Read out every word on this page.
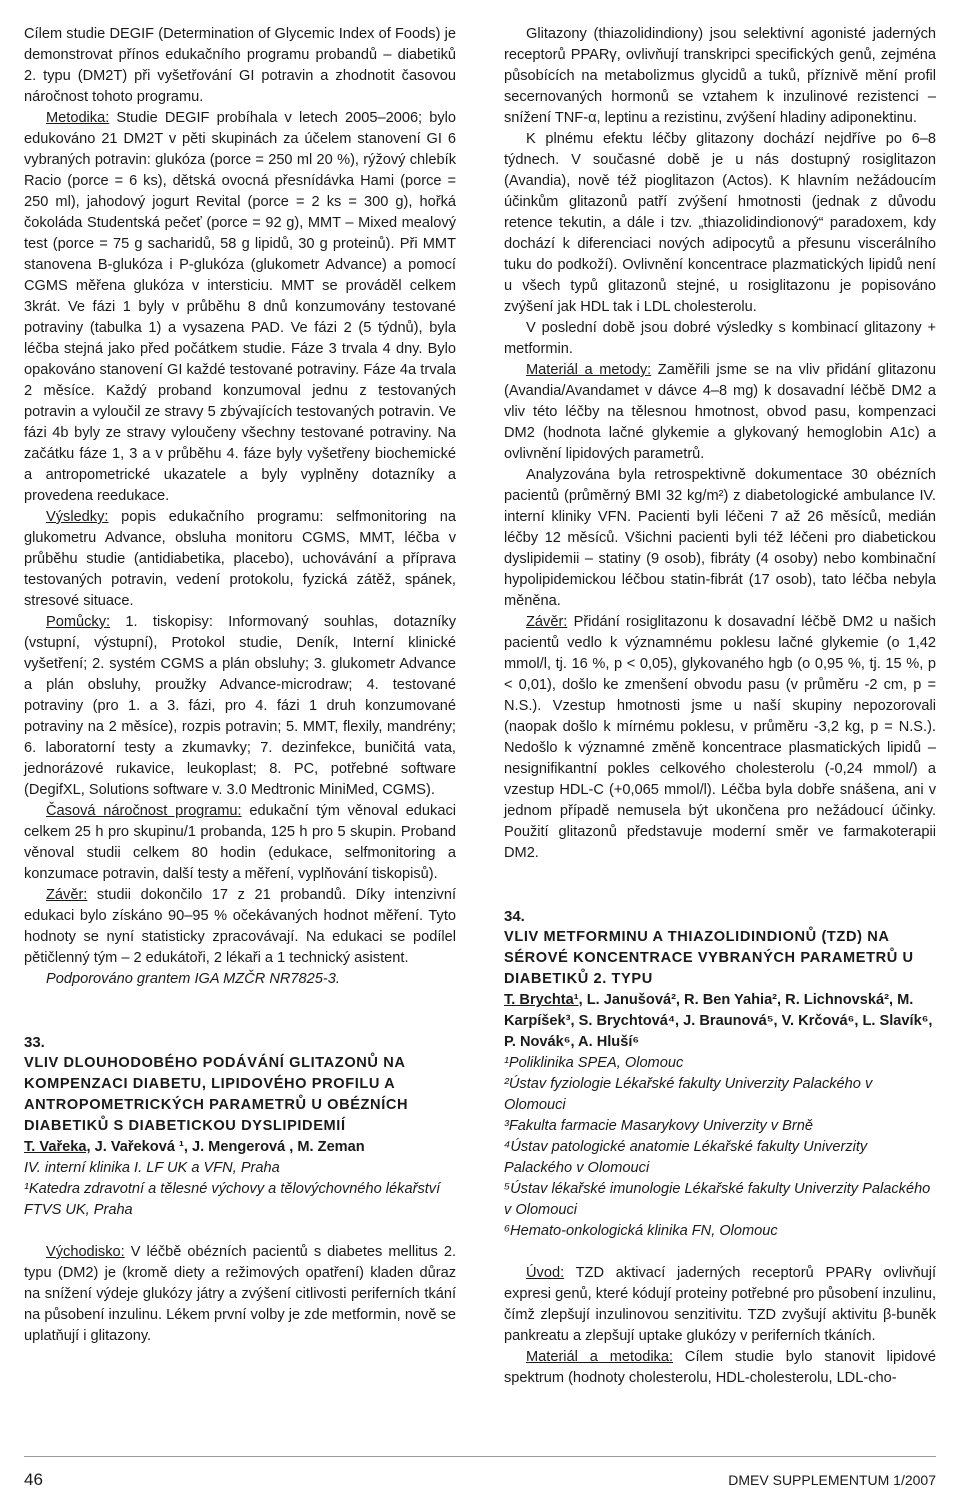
Cílem studie DEGIF (Determination of Glycemic Index of Foods) je demonstrovat přínos edukačního programu probandů – diabetiků 2. typu (DM2T) při vyšetřování GI potravin a zhodnotit časovou náročnost tohoto programu.

Metodika: Studie DEGIF probíhala v letech 2005–2006; bylo edukováno 21 DM2T v pěti skupinách za účelem stanovení GI 6 vybraných potravin: glukóza (porce = 250 ml 20 %), rýžový chlebík Racio (porce = 6 ks), dětská ovocná přesnídávka Hami (porce = 250 ml), jahodový jogurt Revital (porce = 2 ks = 300 g), hořká čokoláda Studentská pečeť (porce = 92 g), MMT – Mixed mealový test (porce = 75 g sacharidů, 58 g lipidů, 30 g proteinů). Při MMT stanovena B-glukóza i P-glukóza (glukometr Advance) a pomocí CGMS měřena glukóza v intersticiu. MMT se prováděl celkem 3krát. Ve fázi 1 byly v průběhu 8 dnů konzumovány testované potraviny (tabulka 1) a vysazena PAD. Ve fázi 2 (5 týdnů), byla léčba stejná jako před počátkem studie. Fáze 3 trvala 4 dny. Bylo opakováno stanovení GI každé testované potraviny. Fáze 4a trvala 2 měsíce. Každý proband konzumoval jednu z testovaných potravin a vyloučil ze stravy 5 zbývajících testovaných potravin. Ve fázi 4b byly ze stravy vyloučeny všechny testované potraviny. Na začátku fáze 1, 3 a v průběhu 4. fáze byly vyšetřeny biochemické a antropometrické ukazatele a byly vyplněny dotazníky a provedena reedukace.

Výsledky: popis edukačního programu: selfmonitoring na glukometru Advance, obsluha monitoru CGMS, MMT, léčba v průběhu studie (antidiabetika, placebo), uchovávání a příprava testovaných potravin, vedení protokolu, fyzická zátěž, spánek, stresové situace.

Pomůcky: 1. tiskopisy: Informovaný souhlas, dotazníky (vstupní, výstupní), Protokol studie, Deník, Interní klinické vyšetření; 2. systém CGMS a plán obsluhy; 3. glukometr Advance a plán obsluhy, proužky Advance-microdraw; 4. testované potraviny (pro 1. a 3. fázi, pro 4. fázi 1 druh konzumované potraviny na 2 měsíce), rozpis potravin; 5. MMT, flexily, mandrény; 6. laboratorní testy a zkumavky; 7. dezinfekce, buničitá vata, jednorázové rukavice, leukoplast; 8. PC, potřebné software (DegifXL, Solutions software v. 3.0 Medtronic MiniMed, CGMS).

Časová náročnost programu: edukační tým věnoval edukaci celkem 25 h pro skupinu/1 probanda, 125 h pro 5 skupin. Proband věnoval studii celkem 80 hodin (edukace, selfmonitoring a konzumace potravin, další testy a měření, vyplňování tiskopisů).

Závěr: studii dokončilo 17 z 21 probandů. Díky intenzivní edukaci bylo získáno 90–95 % očekávaných hodnot měření. Tyto hodnoty se nyní statisticky zpracovávají. Na edukaci se podílel pětičlenný tým – 2 edukátoři, 2 lékaři a 1 technický asistent.

Podporováno grantem IGA MZČR NR7825-3.

33.

VLIV DLOUHODOBÉHO PODÁVÁNÍ GLITAZONŮ NA KOMPENZACI DIABETU, LIPIDOVÉHO PROFILU A ANTROPOMETRICKÝCH PARAMETRŮ U OBÉZNÍCH DIABETIKŮ S DIABETICKOU DYSLIPIDEMIÍ

T. Vařeka, J. Vařeková ¹, J. Mengerová , M. Zeman

IV. interní klinika I. LF UK a VFN, Praha

¹Katedra zdravotní a tělesné výchovy a tělovýchovného lékařství FTVS UK, Praha

Východisko: V léčbě obézních pacientů s diabetes mellitus 2. typu (DM2) je (kromě diety a režimových opatření) kladen důraz na snížení výdeje glukózy játry a zvýšení citlivosti periferních tkání na působení inzulinu. Lékem první volby je zde metformin, nově se uplatňují i glitazony.

Glitazony (thiazolidindiony) jsou selektivní agonisté jaderných receptorů PPARγ, ovlivňují transkripci specifických genů, zejména působících na metabolizmus glycidů a tuků, příznivě mění profil secernovaných hormonů se vztahem k inzulinové rezistenci – snížení TNF-α, leptinu a rezistinu, zvýšení hladiny adiponektinu.

K plnému efektu léčby glitazony dochází nejdříve po 6–8 týdnech. V současné době je u nás dostupný rosiglitazon (Avandia), nově též pioglitazon (Actos). K hlavním nežádoucím účinkům glitazonů patří zvýšení hmotnosti (jednak z důvodu retence tekutin, a dále i tzv. „thiazolidindionový“ paradoxem, kdy dochází k diferenciaci nových adipocytů a přesunu viscerálního tuku do podkoží). Ovlivnění koncentrace plazmatických lipidů není u všech typů glitazonů stejné, u rosiglitazonu je popisováno zvýšení jak HDL tak i LDL cholesterolu.

V poslední době jsou dobré výsledky s kombinací glitazony + metformin.

Materiál a metody: Zaměřili jsme se na vliv přidání glitazonu (Avandia/Avandamet v dávce 4–8 mg) k dosavadní léčbě DM2 a vliv této léčby na tělesnou hmotnost, obvod pasu, kompenzaci DM2 (hodnota lačné glykemie a glykovaný hemoglobin A1c) a ovlivnění lipidových parametrů.

Analyzována byla retrospektivně dokumentace 30 obézních pacientů (průměrný BMI 32 kg/m²) z diabetologické ambulance IV. interní kliniky VFN. Pacienti byli léčeni 7 až 26 měsíců, medián léčby 12 měsíců. Všichni pacienti byli též léčeni pro diabetickou dyslipidemii – statiny (9 osob), fibráty (4 osoby) nebo kombinační hypolipidemickou léčbou statin-fibrát (17 osob), tato léčba nebyla měněna.

Závěr: Přidání rosiglitazonu k dosavadní léčbě DM2 u našich pacientů vedlo k významnému poklesu lačné glykemie (o 1,42 mmol/l, tj. 16 %, p < 0,05), glykovaného hgb (o 0,95 %, tj. 15 %, p < 0,01), došlo ke zmenšení obvodu pasu (v průměru -2 cm, p = N.S.). Vzestup hmotnosti jsme u naší skupiny nepozorovali (naopak došlo k mírnému poklesu, v průměru -3,2 kg, p = N.S.). Nedošlo k významné změně koncentrace plasmatických lipidů – nesignifikantní pokles celkového cholesterolu (-0,24 mmol/) a vzestup HDL-C (+0,065 mmol/l). Léčba byla dobře snášena, ani v jednom případě nemusela být ukončena pro nežádoucí účinky. Použití glitazonů představuje moderní směr ve farmakoterapii DM2.

34.

VLIV METFORMINU A THIAZOLIDINDIONŮ (TZD) NA SÉROVÉ KONCENTRACE VYBRANÝCH PARAMETRŮ U DIABETIKŮ 2. TYPU

T. Brychta¹, L. Janušová², R. Ben Yahia², R. Lichnovská², M. Karpíšek³, S. Brychtová⁴, J. Braunová⁵, V. Krčová⁶, L. Slavík⁶, P. Novák⁶, A. Hluší⁶

¹Poliklinika SPEA, Olomouc

²Ústav fyziologie Lékařské fakulty Univerzity Palackého v Olomouci

³Fakulta farmacie Masarykovy Univerzity v Brně

⁴Ústav patologické anatomie Lékařské fakulty Univerzity Palackého v Olomouci

⁵Ústav lékařské imunologie Lékařské fakulty Univerzity Palackého v Olomouci

⁶Hemato-onkologická klinika FN, Olomouc

Úvod: TZD aktivací jaderných receptorů PPARγ ovlivňují expresi genů, které kódují proteiny potřebné pro působení inzulinu, čímž zlepšují inzulinovou senzitivitu. TZD zvyšují aktivitu β-buněk pankreatu a zlepšují uptake glukózy v periferních tkáních.

Materiál a metodika: Cílem studie bylo stanovit lipidové spektrum (hodnoty cholesterolu, HDL-cholesterolu, LDL-cho-

46	DMEV SUPPLEMENTUM 1/2007
